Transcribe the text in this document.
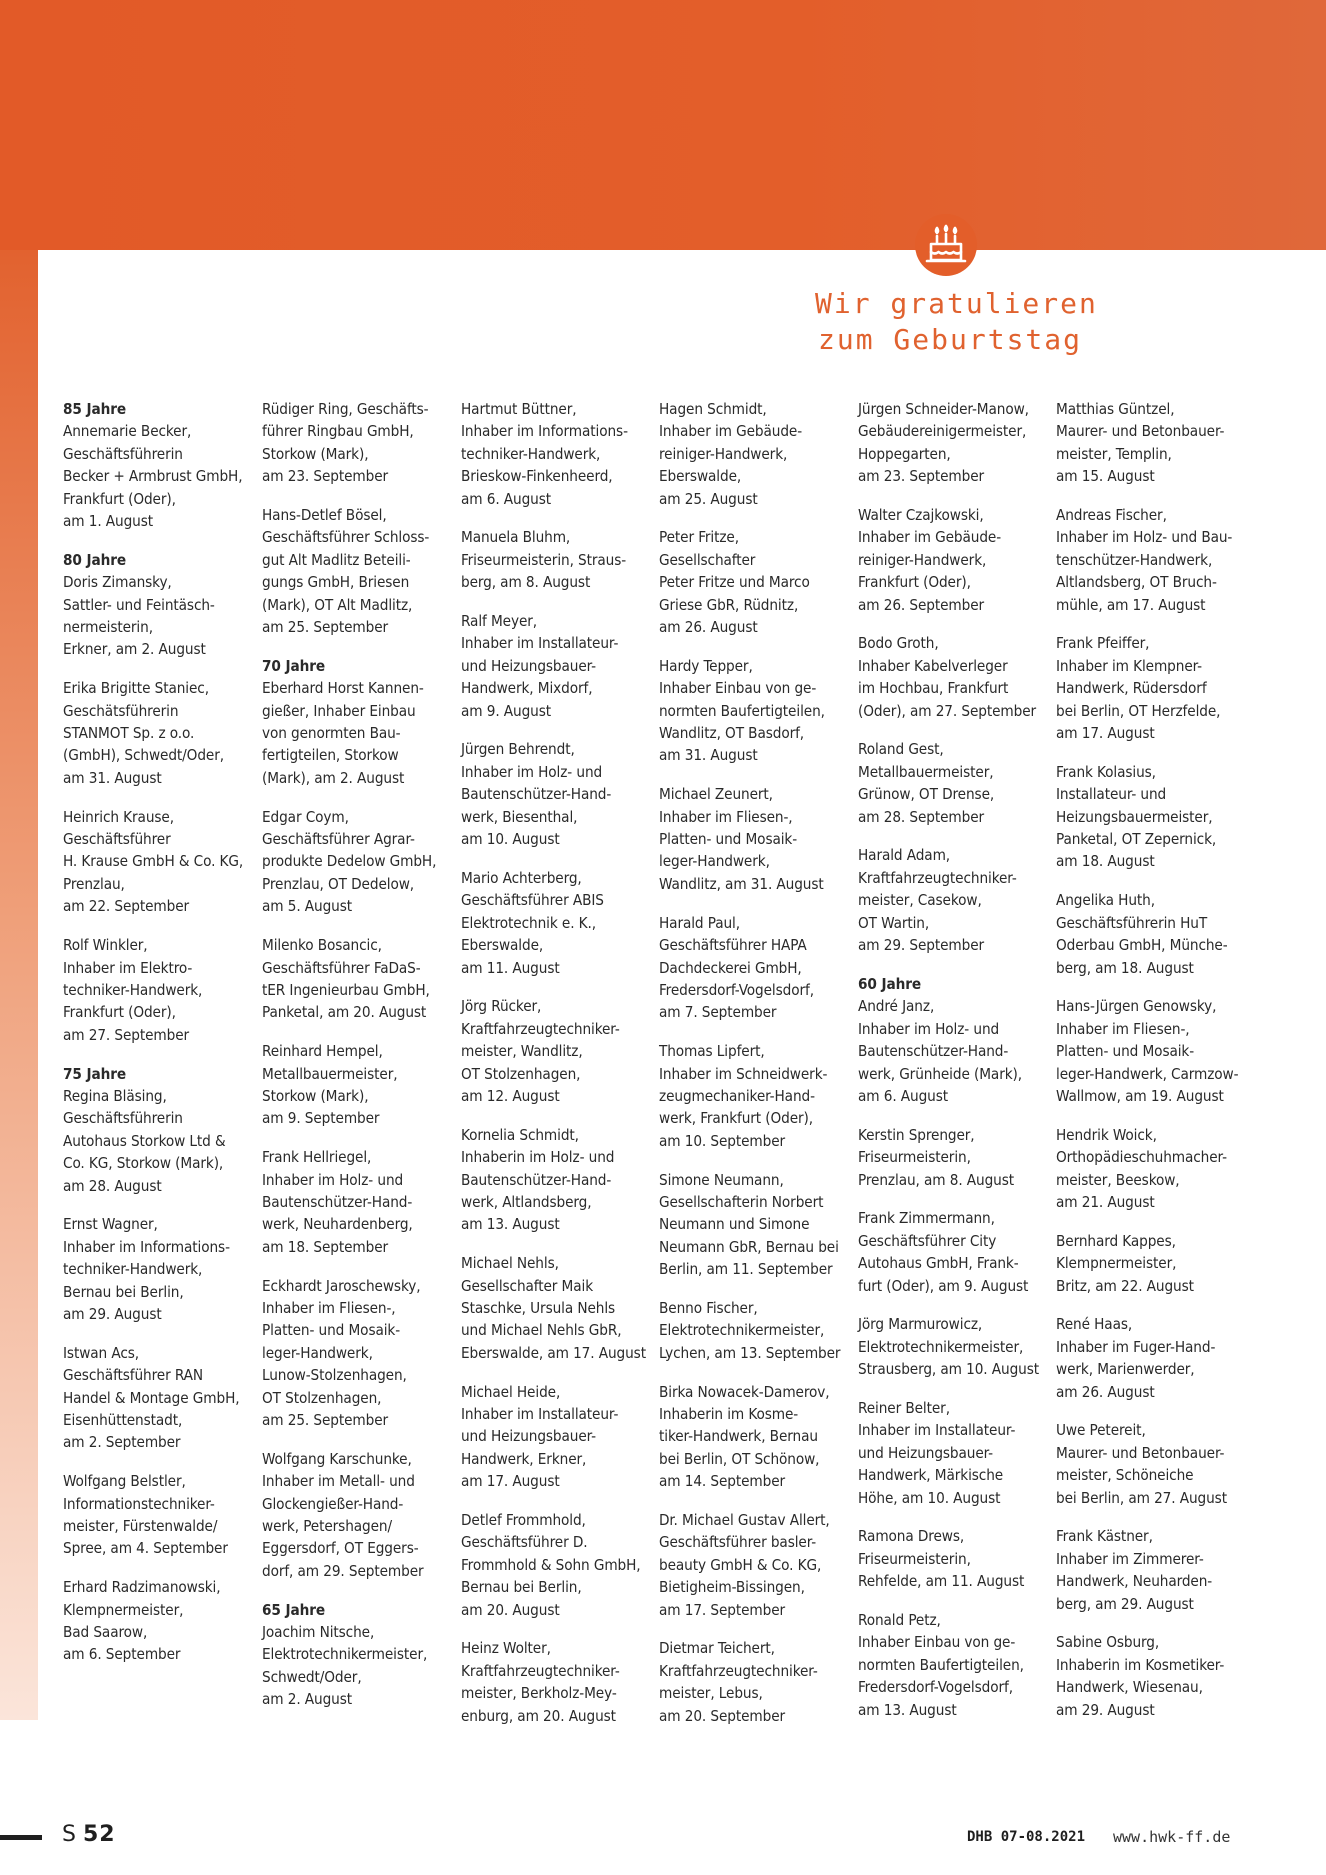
Wir gratulieren
zum Geburtstag

85 Jahre

Annemarie Becker,

Geschäftsführerin

Becker + Armbrust GmbH,

Frankfurt (Oder),

am 1. August

80 Jahre

Doris Zimansky,

Sattler- und Feintäsch-

nermeisterin,

Erkner, am 2. August

Erika Brigitte Staniec,

Geschätsführerin

STANMOT Sp. z o.o.

(GmbH), Schwedt/Oder,

am 31. August

Heinrich Krause,

Geschäftsführer

H. Krause GmbH & Co. KG,

Prenzlau,

am 22. September

Rolf Winkler,

Inhaber im Elektro-

techniker-Handwerk,

Frankfurt (Oder),

am 27. September

75 Jahre

Regina Bläsing,

Geschäftsführerin

Autohaus Storkow Ltd &

Co. KG, Storkow (Mark),

am 28. August

Ernst Wagner,

Inhaber im Informations-

techniker-Handwerk,

Bernau bei Berlin,

am 29. August

Istwan Acs,

Geschäftsführer RAN

Handel & Montage GmbH,

Eisenhüttenstadt,

am 2. September

Wolfgang Belstler,

Informationstechniker-

meister, Fürstenwalde/

Spree, am 4. September

Erhard Radzimanowski,

Klempnermeister,

Bad Saarow,

am 6. September

Rüdiger Ring, Geschäfts-

führer Ringbau GmbH,

Storkow (Mark),

am 23. September

Hans-Detlef Bösel,

Geschäftsführer Schloss-

gut Alt Madlitz Beteili-

gungs GmbH, Briesen

(Mark), OT Alt Madlitz,

am 25. September

70 Jahre

Eberhard Horst Kannen-

gießer, Inhaber Einbau

von genormten Bau-

fertigteilen, Storkow

(Mark), am 2. August

Edgar Coym,

Geschäftsführer Agrar-

produkte Dedelow GmbH,

Prenzlau, OT Dedelow,

am 5. August

Milenko Bosancic,

Geschäftsführer FaDaS-

tER Ingenieurbau GmbH,

Panketal, am 20. August

Reinhard Hempel,

Metallbauermeister,

Storkow (Mark),

am 9. September

Frank Hellriegel,

Inhaber im Holz- und

Bautenschützer-Hand-

werk, Neuhardenberg,

am 18. September

Eckhardt Jaroschewsky,

Inhaber im Fliesen-,

Platten- und Mosaik-

leger-Handwerk,

Lunow-Stolzenhagen,

OT Stolzenhagen,

am 25. September

Wolfgang Karschunke,

Inhaber im Metall- und

Glockengießer-Hand-

werk, Petershagen/

Eggersdorf, OT Eggers-

dorf, am 29. September

65 Jahre

Joachim Nitsche,

Elektrotechnikermeister,

Schwedt/Oder,

am 2. August

Hartmut Büttner,

Inhaber im Informations-

techniker-Handwerk,

Brieskow-Finkenheerd,

am 6. August

Manuela Bluhm,

Friseurmeisterin, Straus-

berg, am 8. August

Ralf Meyer,

Inhaber im Installateur-

und Heizungsbauer-

Handwerk, Mixdorf,

am 9. August

Jürgen Behrendt,

Inhaber im Holz- und

Bautenschützer-Hand-

werk, Biesenthal,

am 10. August

Mario Achterberg,

Geschäftsführer ABIS

Elektrotechnik e. K.,

Eberswalde,

am 11. August

Jörg Rücker,

Kraftfahrzeugtechniker-

meister, Wandlitz,

OT Stolzenhagen,

am 12. August

Kornelia Schmidt,

Inhaberin im Holz- und

Bautenschützer-Hand-

werk, Altlandsberg,

am 13. August

Michael Nehls,

Gesellschafter Maik

Staschke, Ursula Nehls

und Michael Nehls GbR,

Eberswalde, am 17. August

Michael Heide,

Inhaber im Installateur-

und Heizungsbauer-

Handwerk, Erkner,

am 17. August

Detlef Frommhold,

Geschäftsführer D.

Frommhold & Sohn GmbH,

Bernau bei Berlin,

am 20. August

Heinz Wolter,

Kraftfahrzeugtechniker-

meister, Berkholz-Mey-

enburg, am 20. August

Hagen Schmidt,

Inhaber im Gebäude-

reiniger-Handwerk,

Eberswalde,

am 25. August

Peter Fritze,

Gesellschafter

Peter Fritze und Marco

Griese GbR, Rüdnitz,

am 26. August

Hardy Tepper,

Inhaber Einbau von ge-

normten Baufertigteilen,

Wandlitz, OT Basdorf,

am 31. August

Michael Zeunert,

Inhaber im Fliesen-,

Platten- und Mosaik-

leger-Handwerk,

Wandlitz, am 31. August

Harald Paul,

Geschäftsführer HAPA

Dachdeckerei GmbH,

Fredersdorf-Vogelsdorf,

am 7. September

Thomas Lipfert,

Inhaber im Schneidwerk-

zeugmechaniker-Hand-

werk, Frankfurt (Oder),

am 10. September

Simone Neumann,

Gesellschafterin Norbert

Neumann und Simone

Neumann GbR, Bernau bei

Berlin, am 11. September

Benno Fischer,

Elektrotechnikermeister,

Lychen, am 13. September

Birka Nowacek-Damerov,

Inhaberin im Kosme-

tiker-Handwerk, Bernau

bei Berlin, OT Schönow,

am 14. September

Dr. Michael Gustav Allert,

Geschäftsführer basler-

beauty GmbH & Co. KG,

Bietigheim-Bissingen,

am 17. September

Dietmar Teichert,

Kraftfahrzeugtechniker-

meister, Lebus,

am 20. September

Jürgen Schneider-Manow,

Gebäudereinigermeister,

Hoppegarten,

am 23. September

Walter Czajkowski,

Inhaber im Gebäude-

reiniger-Handwerk,

Frankfurt (Oder),

am 26. September

Bodo Groth,

Inhaber Kabelverleger

im Hochbau, Frankfurt

(Oder), am 27. September

Roland Gest,

Metallbauermeister,

Grünow, OT Drense,

am 28. September

Harald Adam,

Kraftfahrzeugtechniker-

meister, Casekow,

OT Wartin,

am 29. September

60 Jahre

André Janz,

Inhaber im Holz- und

Bautenschützer-Hand-

werk, Grünheide (Mark),

am 6. August

Kerstin Sprenger,

Friseurmeisterin,

Prenzlau, am 8. August

Frank Zimmermann,

Geschäftsführer City

Autohaus GmbH, Frank-

furt (Oder), am 9. August

Jörg Marmurowicz,

Elektrotechnikermeister,

Strausberg, am 10. August

Reiner Belter,

Inhaber im Installateur-

und Heizungsbauer-

Handwerk, Märkische

Höhe, am 10. August

Ramona Drews,

Friseurmeisterin,

Rehfelde, am 11. August

Ronald Petz,

Inhaber Einbau von ge-

normten Baufertigteilen,

Fredersdorf-Vogelsdorf,

am 13. August

Matthias Güntzel,

Maurer- und Betonbauer-

meister, Templin,

am 15. August

Andreas Fischer,

Inhaber im Holz- und Bau-

tenschützer-Handwerk,

Altlandsberg, OT Bruch-

mühle, am 17. August

Frank Pfeiffer,

Inhaber im Klempner-

Handwerk, Rüdersdorf

bei Berlin, OT Herzfelde,

am 17. August

Frank Kolasius,

Installateur- und

Heizungsbauermeister,

Panketal, OT Zepernick,

am 18. August

Angelika Huth,

Geschäftsführerin HuT

Oderbau GmbH, Münche-

berg, am 18. August

Hans-Jürgen Genowsky,

Inhaber im Fliesen-,

Platten- und Mosaik-

leger-Handwerk, Carmzow-

Wallmow, am 19. August

Hendrik Woick,

Orthopädieschuhmacher-

meister, Beeskow,

am 21. August

Bernhard Kappes,

Klempnermeister,

Britz, am 22. August

René Haas,

Inhaber im Fuger-Hand-

werk, Marienwerder,

am 26. August

Uwe Petereit,

Maurer- und Betonbauer-

meister, Schöneiche

bei Berlin, am 27. August

Frank Kästner,

Inhaber im Zimmerer-

Handwerk, Neuharden-

berg, am 29. August

Sabine Osburg,

Inhaberin im Kosmetiker-

Handwerk, Wiesenau,

am 29. August

S 52	DHB 07-08.2021 www.hwk-ff.de
